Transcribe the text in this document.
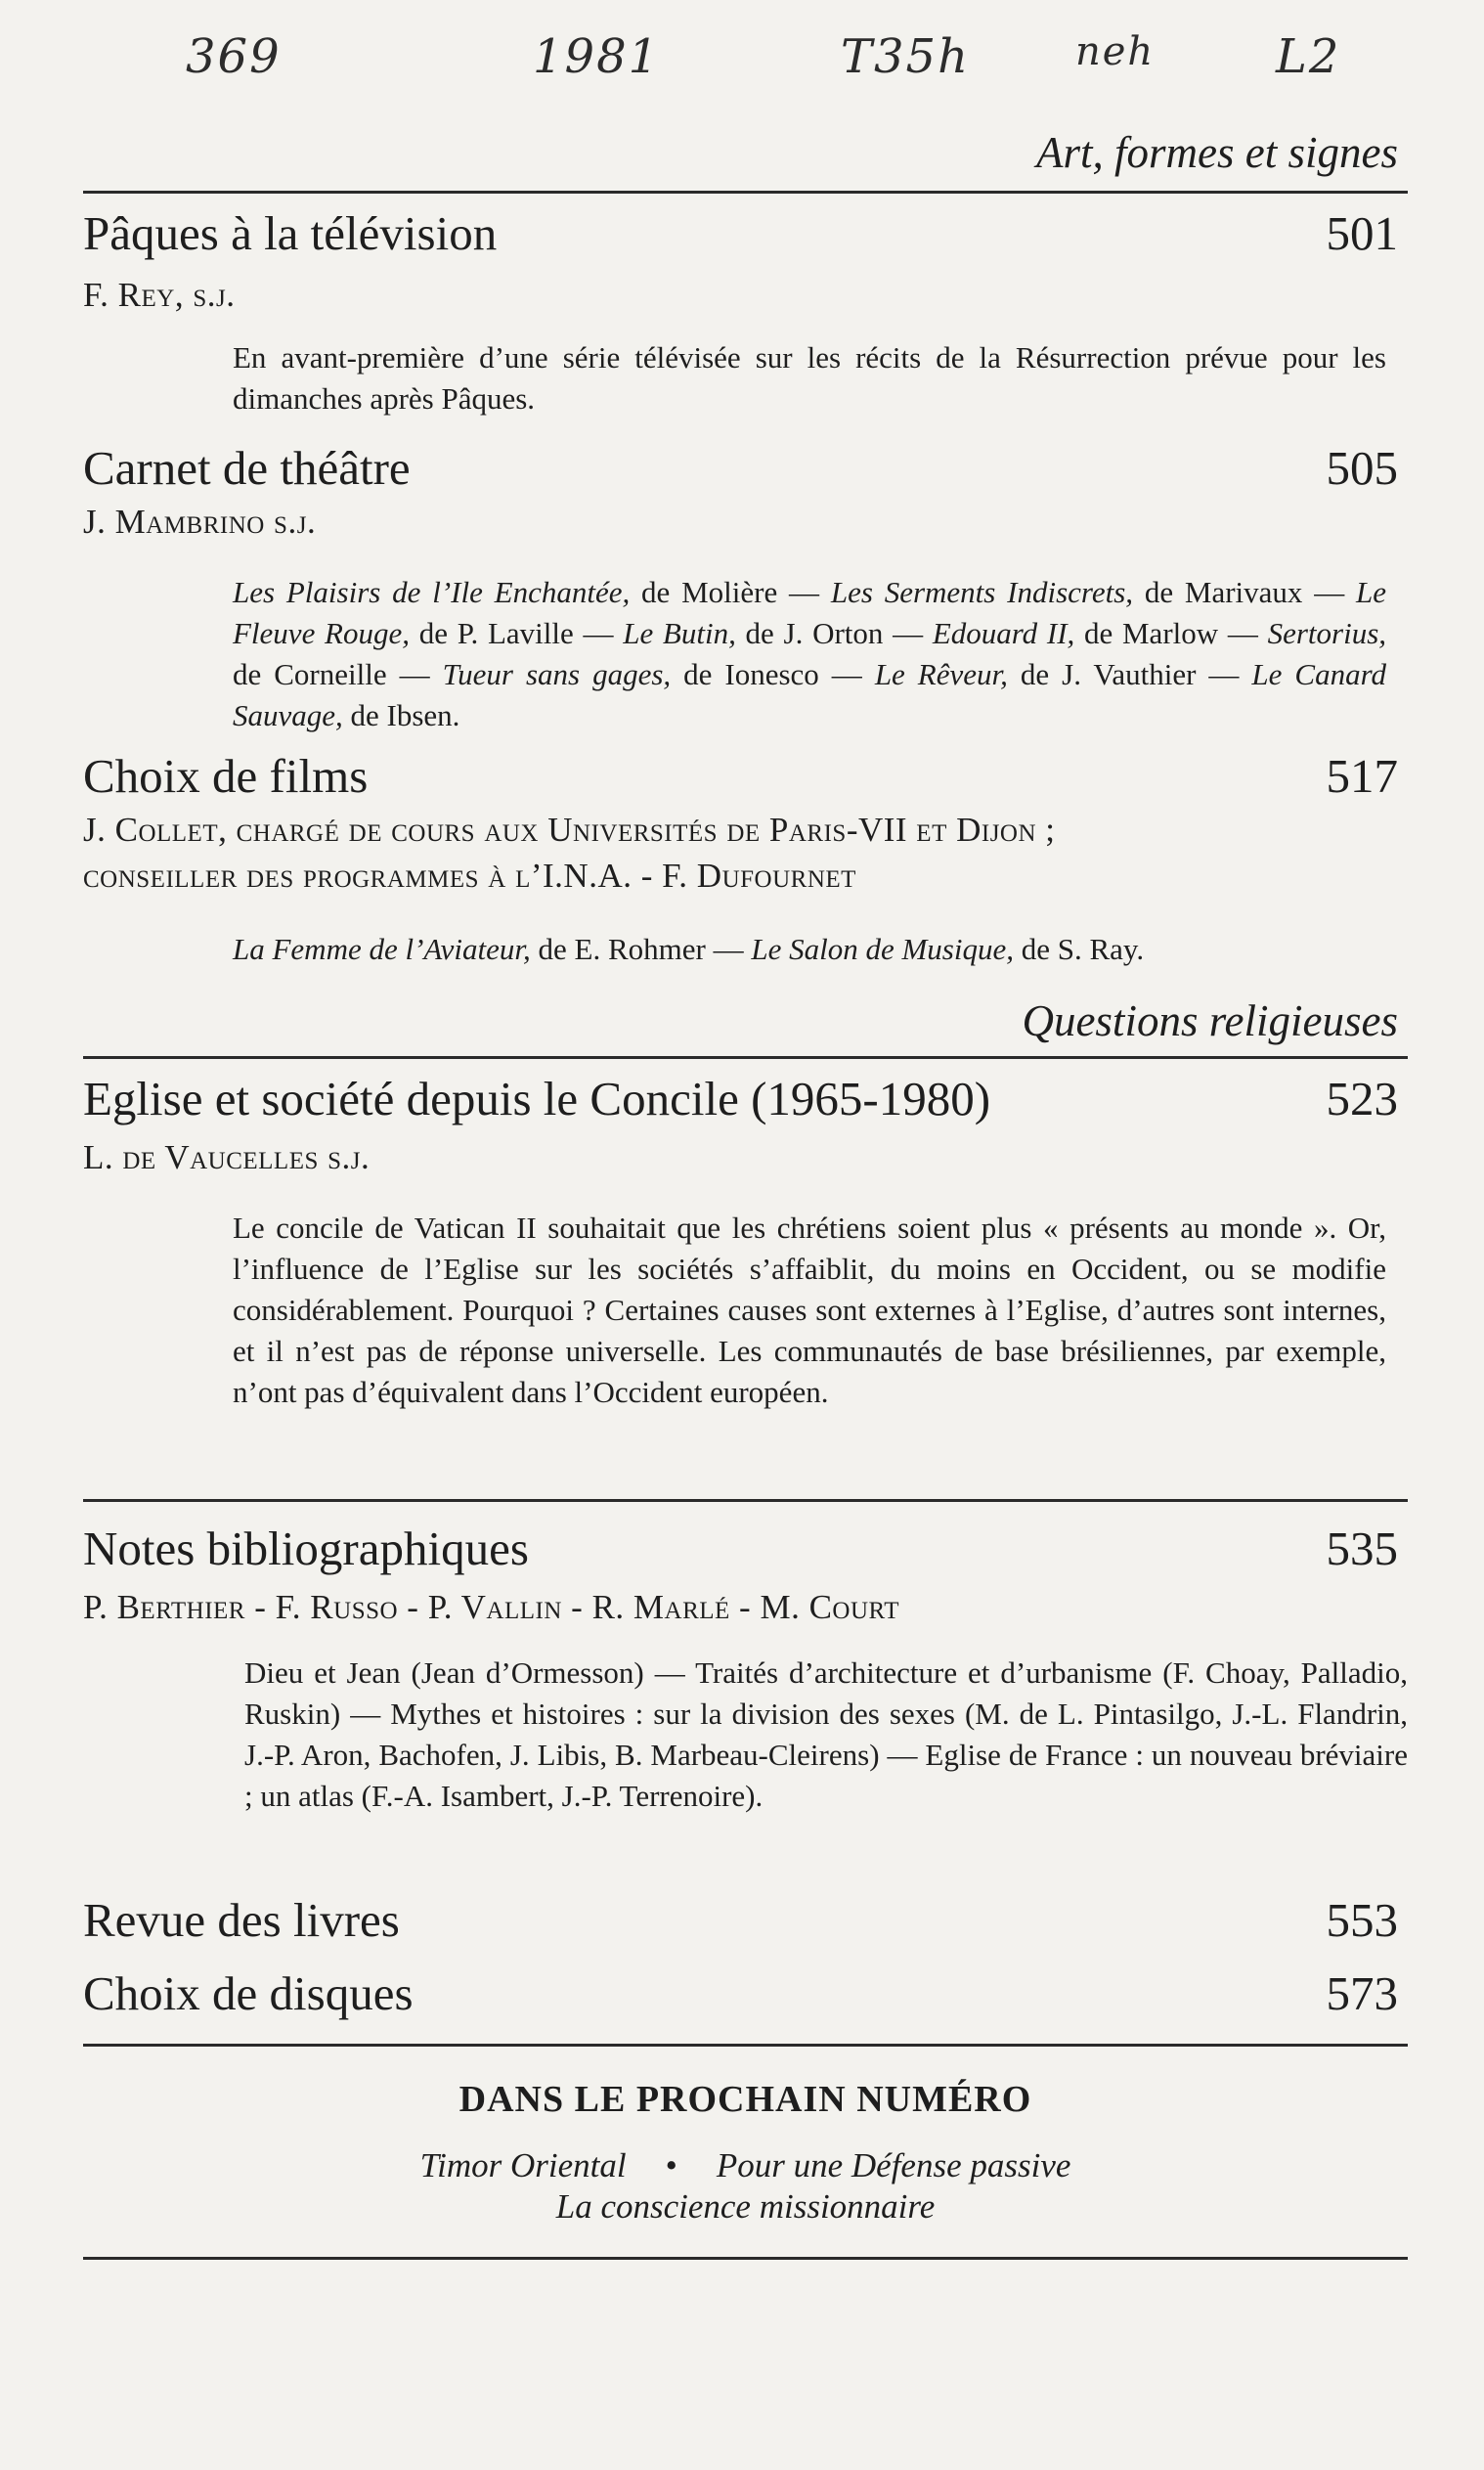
369	1981	T35h	neh	L2
Art, formes et signes
Pâques à la télévision	501
F. Rey, s.j.
En avant-première d’une série télévisée sur les récits de la Résurrection prévue pour les dimanches après Pâques.
Carnet de théâtre	505
J. Mambrino s.j.
Les Plaisirs de l’Ile Enchantée, de Molière — Les Serments Indiscrets, de Marivaux — Le Fleuve Rouge, de P. Laville — Le Butin, de J. Orton — Edouard II, de Marlow — Sertorius, de Corneille — Tueur sans gages, de Ionesco — Le Rêveur, de J. Vauthier — Le Canard Sauvage, de Ibsen.
Choix de films	517
J. Collet, chargé de cours aux Universités de Paris-VII et Dijon ;
conseiller des programmes à l’I.N.A. - F. Dufournet
La Femme de l’Aviateur, de E. Rohmer — Le Salon de Musique, de S. Ray.
Questions religieuses
Eglise et société depuis le Concile (1965-1980)	523
L. de Vaucelles s.j.
Le concile de Vatican II souhaitait que les chrétiens soient plus « présents au monde ». Or, l’influence de l’Eglise sur les sociétés s’affaiblit, du moins en Occident, ou se modifie considérablement. Pourquoi ? Certaines causes sont externes à l’Eglise, d’autres sont internes, et il n’est pas de réponse universelle. Les communautés de base brésiliennes, par exemple, n’ont pas d’équivalent dans l’Occident européen.
Notes bibliographiques	535
P. Berthier - F. Russo - P. Vallin - R. Marlé - M. Court
Dieu et Jean (Jean d’Ormesson) — Traités d’architecture et d’urbanisme (F. Choay, Palladio, Ruskin) — Mythes et histoires : sur la division des sexes (M. de L. Pintasilgo, J.-L. Flandrin, J.-P. Aron, Bachofen, J. Libis, B. Marbeau-Cleirens) — Eglise de France : un nouveau bréviaire ; un atlas (F.-A. Isambert, J.-P. Terrenoire).
Revue des livres	553
Choix de disques	573
DANS LE PROCHAIN NUMÉRO
Timor Oriental • Pour une Défense passive
La conscience missionnaire
